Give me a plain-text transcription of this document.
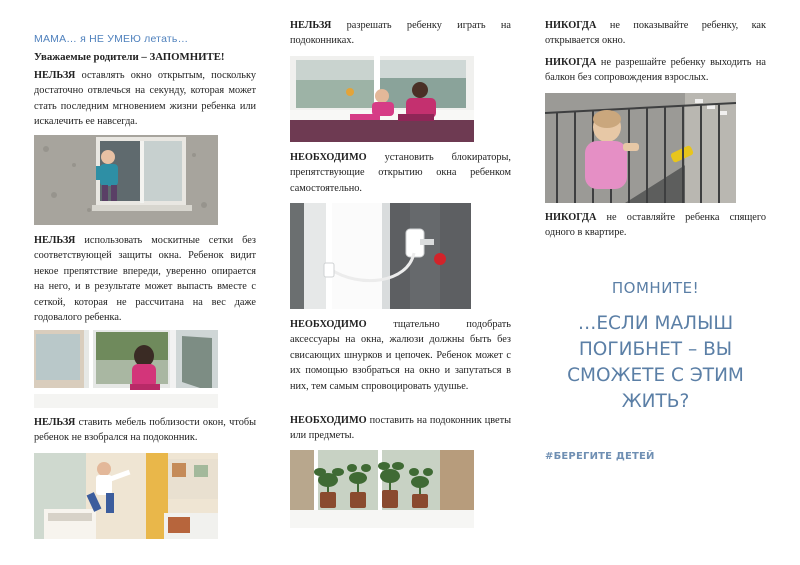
МАМА… я НЕ УМЕЮ летать…
Уважаемые родители – ЗАПОМНИТЕ!

НЕЛЬЗЯ оставлять окно открытым, поскольку достаточно отвлечься на секунду, которая может стать последним мгновением жизни ребенка или искалечить ее навсегда.

НЕЛЬЗЯ использовать москитные сетки без соответствующей защиты окна. Ребенок видит некое препятствие впереди, уверенно опирается на него, и в результате может выпасть вместе с сеткой, которая не рассчитана на вес даже годовалого ребенка.

НЕЛЬЗЯ ставить мебель поблизости окон, чтобы ребенок не взобрался на подоконник.

НЕЛЬЗЯ разрешать ребенку играть на подоконниках.

НЕОБХОДИМО установить блокираторы, препятствующие открытию окна ребенком самостоятельно.

НЕОБХОДИМО тщательно подобрать аксессуары на окна, жалюзи должны быть без свисающих шнурков и цепочек. Ребенок может с их помощью взобраться на окно и запутаться в них, тем самым спровоцировать удушье.

НЕОБХОДИМО поставить на подоконник цветы или предметы.

НИКОГДА не показывайте ребенку, как открывается окно.

НИКОГДА не разрешайте ребенку выходить на балкон без сопровождения взрослых.

НИКОГДА не оставляйте ребенка спящего одного в квартире.

ПОМНИТЕ!
…ЕСЛИ МАЛЫШ
ПОГИБНЕТ – ВЫ
СМОЖЕТЕ С ЭТИМ
ЖИТЬ?
#БЕРЕГИТЕ ДЕТЕЙ
